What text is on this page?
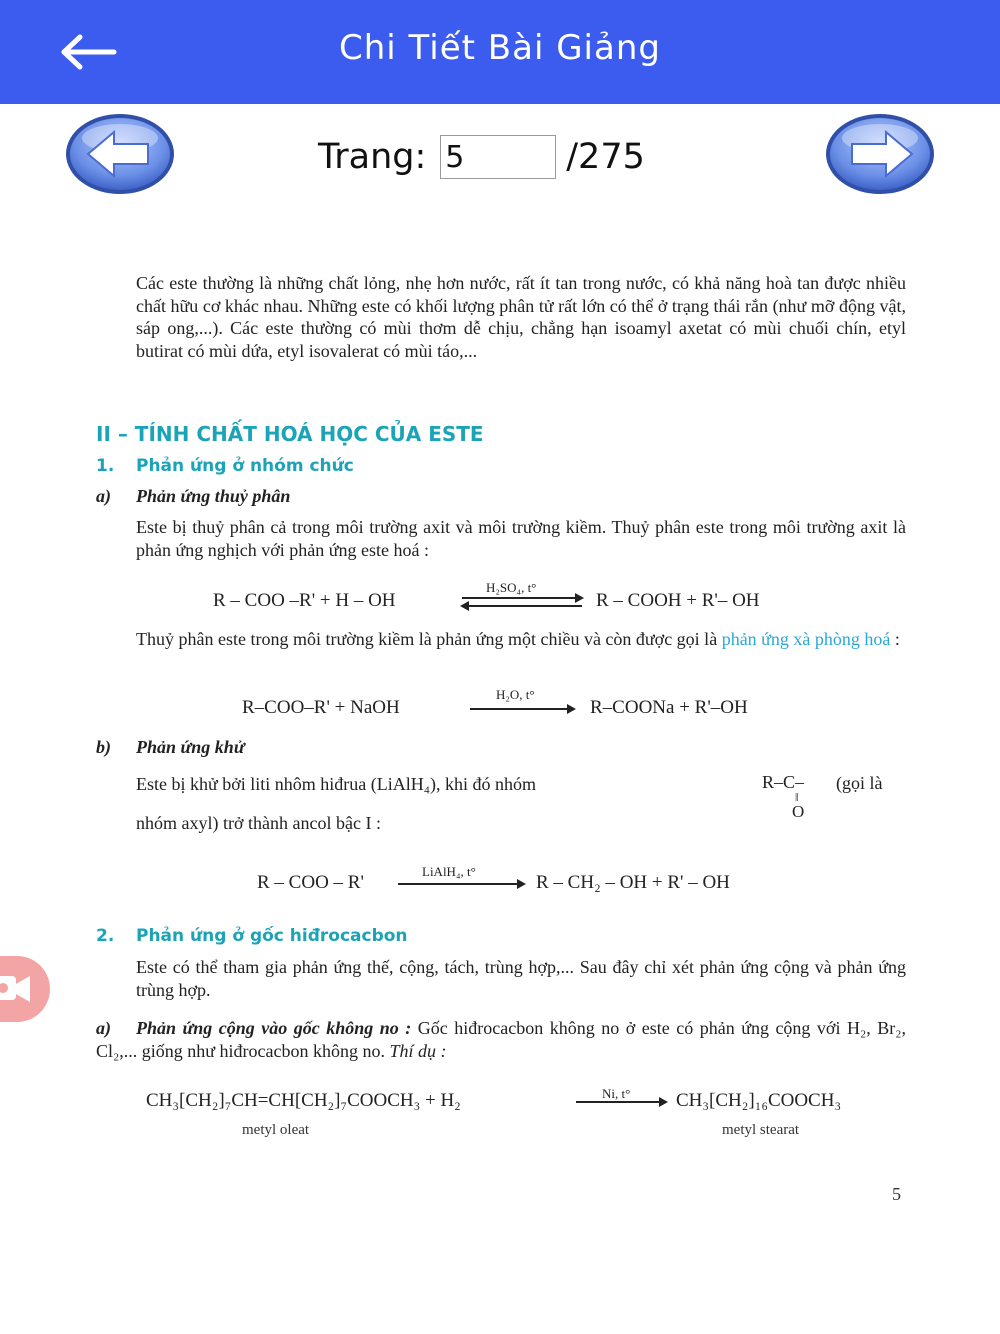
Chi Tiết Bài Giảng
Trang:
5	/275
Các este thường là những chất lỏng, nhẹ hơn nước, rất ít tan trong nước, có khả năng hoà tan được nhiều chất hữu cơ khác nhau. Những este có khối lượng phân tử rất lớn có thể ở trạng thái rắn (như mỡ động vật, sáp ong,...). Các este thường có mùi thơm dễ chịu, chẳng hạn isoamyl axetat có mùi chuối chín, etyl butirat có mùi dứa, etyl isovalerat có mùi táo,...
II – TÍNH CHẤT HOÁ HỌC CỦA ESTE
1. Phản ứng ở nhóm chức
a) Phản ứng thuỷ phân
Este bị thuỷ phân cả trong môi trường axit và môi trường kiềm. Thuỷ phân este trong môi trường axit là phản ứng nghịch với phản ứng este hoá :
R – COO –R' + H – OH
H₂SO₄, t°
R – COOH + R'– OH
Thuỷ phân este trong môi trường kiềm là phản ứng một chiều và còn được gọi là phản ứng xà phòng hoá :
R–COO–R' + NaOH
H₂O, t°
R–COONa + R'–OH
b) Phản ứng khử
Este bị khử bởi liti nhôm hiđrua (LiAlH₄), khi đó nhóm	R–C–
‖
O
(gọi là
nhóm axyl) trở thành ancol bậc I :
R – COO – R'
LiAlH₄, t°
R – CH₂ – OH + R' – OH
2. Phản ứng ở gốc hiđrocacbon
Este có thể tham gia phản ứng thế, cộng, tách, trùng hợp,... Sau đây chỉ xét phản ứng cộng và phản ứng trùng hợp.
a) Phản ứng cộng vào gốc không no : Gốc hiđrocacbon không no ở este có phản ứng cộng với H₂, Br₂, Cl₂,... giống như hiđrocacbon không no. Thí dụ :
CH₃[CH₂]₇CH=CH[CH₂]₇COOCH₃ + H₂	Ni, t° CH₃[CH₂]₁₆COOCH₃
metyl oleat	metyl stearat
5
